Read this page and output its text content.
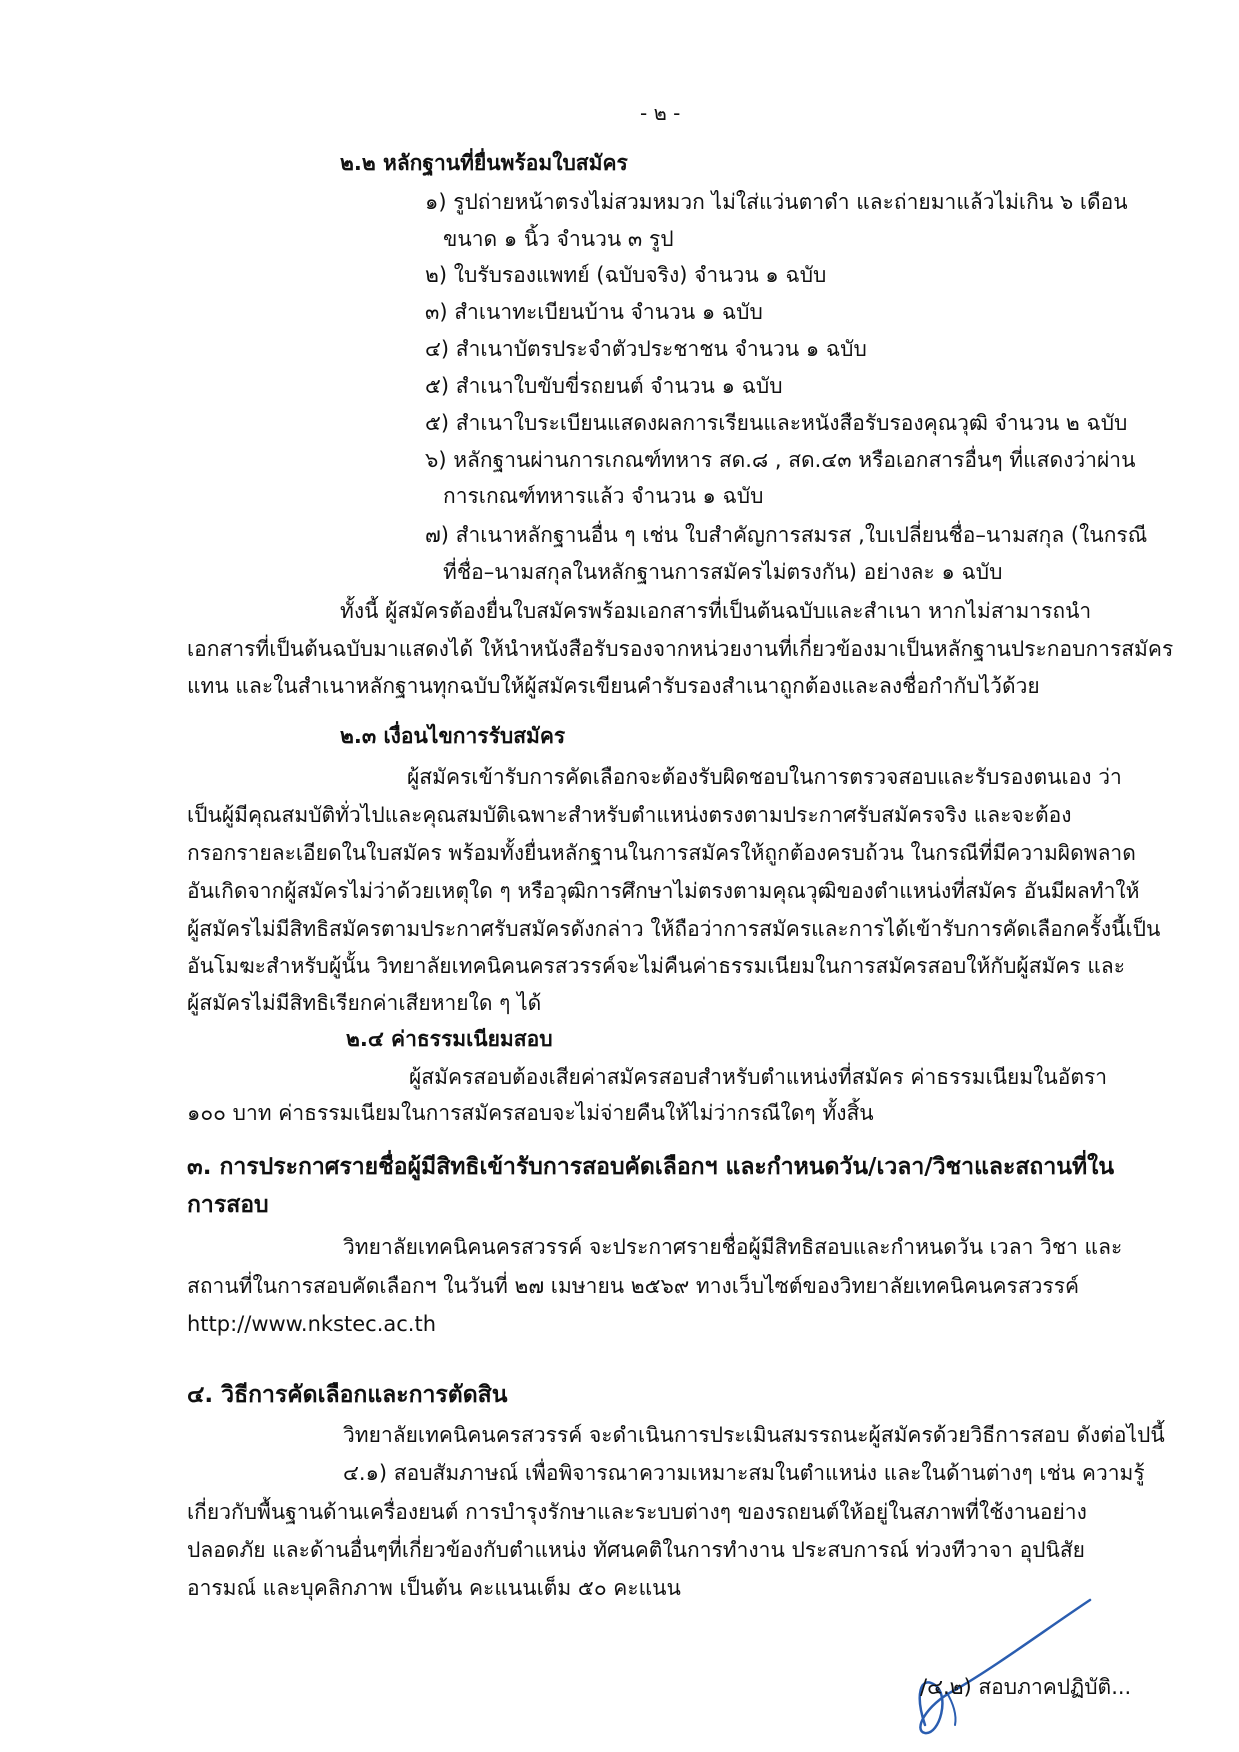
- ๒ -
๒.๒ หลักฐานที่ยื่นพร้อมใบสมัคร
๑) รูปถ่ายหน้าตรงไม่สวมหมวก ไม่ใส่แว่นตาดำ และถ่ายมาแล้วไม่เกิน ๖ เดือน
ขนาด ๑ นิ้ว จำนวน ๓ รูป
๒) ใบรับรองแพทย์ (ฉบับจริง) จำนวน ๑ ฉบับ
๓) สำเนาทะเบียนบ้าน จำนวน ๑ ฉบับ
๔) สำเนาบัตรประจำตัวประชาชน จำนวน ๑ ฉบับ
๕) สำเนาใบขับขี่รถยนต์ จำนวน ๑ ฉบับ
๕) สำเนาใบระเบียนแสดงผลการเรียนและหนังสือรับรองคุณวุฒิ จำนวน ๒ ฉบับ
๖) หลักฐานผ่านการเกณฑ์ทหาร สด.๘ , สด.๔๓ หรือเอกสารอื่นๆ ที่แสดงว่าผ่าน
การเกณฑ์ทหารแล้ว จำนวน ๑ ฉบับ
๗) สำเนาหลักฐานอื่น ๆ เช่น ใบสำคัญการสมรส ,ใบเปลี่ยนชื่อ–นามสกุล (ในกรณี
ที่ชื่อ–นามสกุลในหลักฐานการสมัครไม่ตรงกัน) อย่างละ ๑ ฉบับ
ทั้งนี้ ผู้สมัครต้องยื่นใบสมัครพร้อมเอกสารที่เป็นต้นฉบับและสำเนา หากไม่สามารถนำ
เอกสารที่เป็นต้นฉบับมาแสดงได้ ให้นำหนังสือรับรองจากหน่วยงานที่เกี่ยวข้องมาเป็นหลักฐานประกอบการสมัคร
แทน และในสำเนาหลักฐานทุกฉบับให้ผู้สมัครเขียนคำรับรองสำเนาถูกต้องและลงชื่อกำกับไว้ด้วย
๒.๓ เงื่อนไขการรับสมัคร
ผู้สมัครเข้ารับการคัดเลือกจะต้องรับผิดชอบในการตรวจสอบและรับรองตนเอง ว่า
เป็นผู้มีคุณสมบัติทั่วไปและคุณสมบัติเฉพาะสำหรับตำแหน่งตรงตามประกาศรับสมัครจริง และจะต้อง
กรอกรายละเอียดในใบสมัคร พร้อมทั้งยื่นหลักฐานในการสมัครให้ถูกต้องครบถ้วน ในกรณีที่มีความผิดพลาด
อันเกิดจากผู้สมัครไม่ว่าด้วยเหตุใด ๆ หรือวุฒิการศึกษาไม่ตรงตามคุณวุฒิของตำแหน่งที่สมัคร อันมีผลทำให้
ผู้สมัครไม่มีสิทธิสมัครตามประกาศรับสมัครดังกล่าว ให้ถือว่าการสมัครและการได้เข้ารับการคัดเลือกครั้งนี้เป็น
อันโมฆะสำหรับผู้นั้น วิทยาลัยเทคนิคนครสวรรค์จะไม่คืนค่าธรรมเนียมในการสมัครสอบให้กับผู้สมัคร และ
ผู้สมัครไม่มีสิทธิเรียกค่าเสียหายใด ๆ ได้
๒.๔ ค่าธรรมเนียมสอบ
ผู้สมัครสอบต้องเสียค่าสมัครสอบสำหรับตำแหน่งที่สมัคร ค่าธรรมเนียมในอัตรา
๑๐๐ บาท ค่าธรรมเนียมในการสมัครสอบจะไม่จ่ายคืนให้ไม่ว่ากรณีใดๆ ทั้งสิ้น
๓. การประกาศรายชื่อผู้มีสิทธิเข้ารับการสอบคัดเลือกฯ และกำหนดวัน/เวลา/วิชาและสถานที่ใน
การสอบ
วิทยาลัยเทคนิคนครสวรรค์ จะประกาศรายชื่อผู้มีสิทธิสอบและกำหนดวัน เวลา วิชา และ
สถานที่ในการสอบคัดเลือกฯ ในวันที่ ๒๗ เมษายน ๒๕๖๙ ทางเว็บไซต์ของวิทยาลัยเทคนิคนครสวรรค์
http://www.nkstec.ac.th
๔. วิธีการคัดเลือกและการตัดสิน
วิทยาลัยเทคนิคนครสวรรค์ จะดำเนินการประเมินสมรรถนะผู้สมัครด้วยวิธีการสอบ ดังต่อไปนี้
๔.๑) สอบสัมภาษณ์ เพื่อพิจารณาความเหมาะสมในตำแหน่ง และในด้านต่างๆ เช่น ความรู้
เกี่ยวกับพื้นฐานด้านเครื่องยนต์ การบำรุงรักษาและระบบต่างๆ ของรถยนต์ให้อยู่ในสภาพที่ใช้งานอย่าง
ปลอดภัย และด้านอื่นๆที่เกี่ยวข้องกับตำแหน่ง ทัศนคติในการทำงาน ประสบการณ์ ท่วงทีวาจา อุปนิสัย
อารมณ์ และบุคลิกภาพ เป็นต้น คะแนนเต็ม ๕๐ คะแนน
/๔.๒) สอบภาคปฏิบัติ...
